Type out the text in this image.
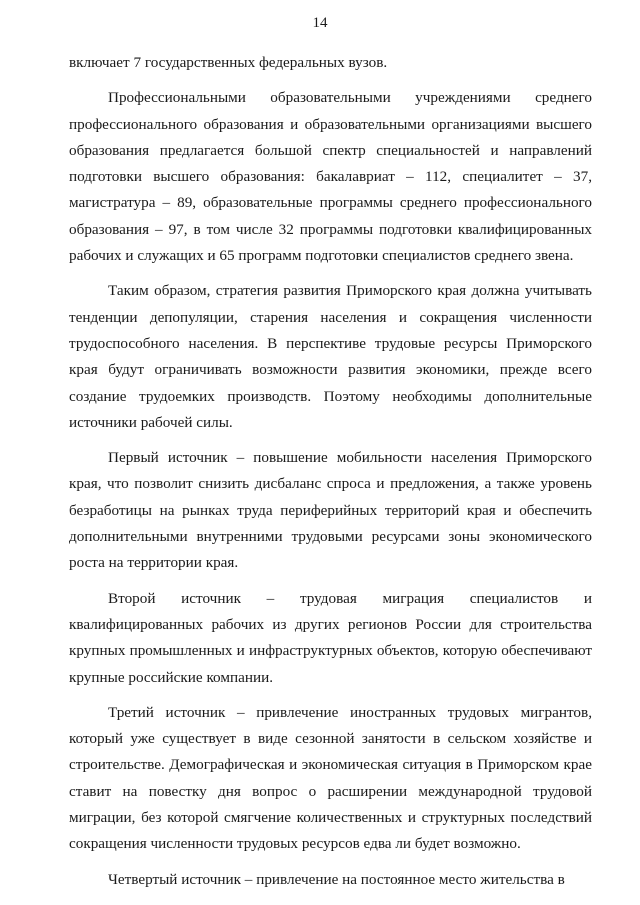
14

включает 7 государственных федеральных вузов.

Профессиональными образовательными учреждениями среднего профессионального образования и образовательными организациями высшего образования предлагается большой спектр специальностей и направлений подготовки высшего образования: бакалавриат – 112, специалитет – 37, магистратура – 89, образовательные программы среднего профессионального образования – 97, в том числе 32 программы подготовки квалифицированных рабочих и служащих и 65 программ подготовки специалистов среднего звена.

Таким образом, стратегия развития Приморского края должна учитывать тенденции депопуляции, старения населения и сокращения численности трудоспособного населения. В перспективе трудовые ресурсы Приморского края будут ограничивать возможности развития экономики, прежде всего создание трудоемких производств. Поэтому необходимы дополнительные источники рабочей силы.

Первый источник – повышение мобильности населения Приморского края, что позволит снизить дисбаланс спроса и предложения, а также уровень безработицы на рынках труда периферийных территорий края и обеспечить дополнительными внутренними трудовыми ресурсами зоны экономического роста на территории края.

Второй источник – трудовая миграция специалистов и квалифицированных рабочих из других регионов России для строительства крупных промышленных и инфраструктурных объектов, которую обеспечивают крупные российские компании.

Третий источник – привлечение иностранных трудовых мигрантов, который уже существует в виде сезонной занятости в сельском хозяйстве и строительстве. Демографическая и экономическая ситуация в Приморском крае ставит на повестку дня вопрос о расширении международной трудовой миграции, без которой смягчение количественных и структурных последствий сокращения численности трудовых ресурсов едва ли будет возможно.

Четвертый источник – привлечение на постоянное место жительства в
